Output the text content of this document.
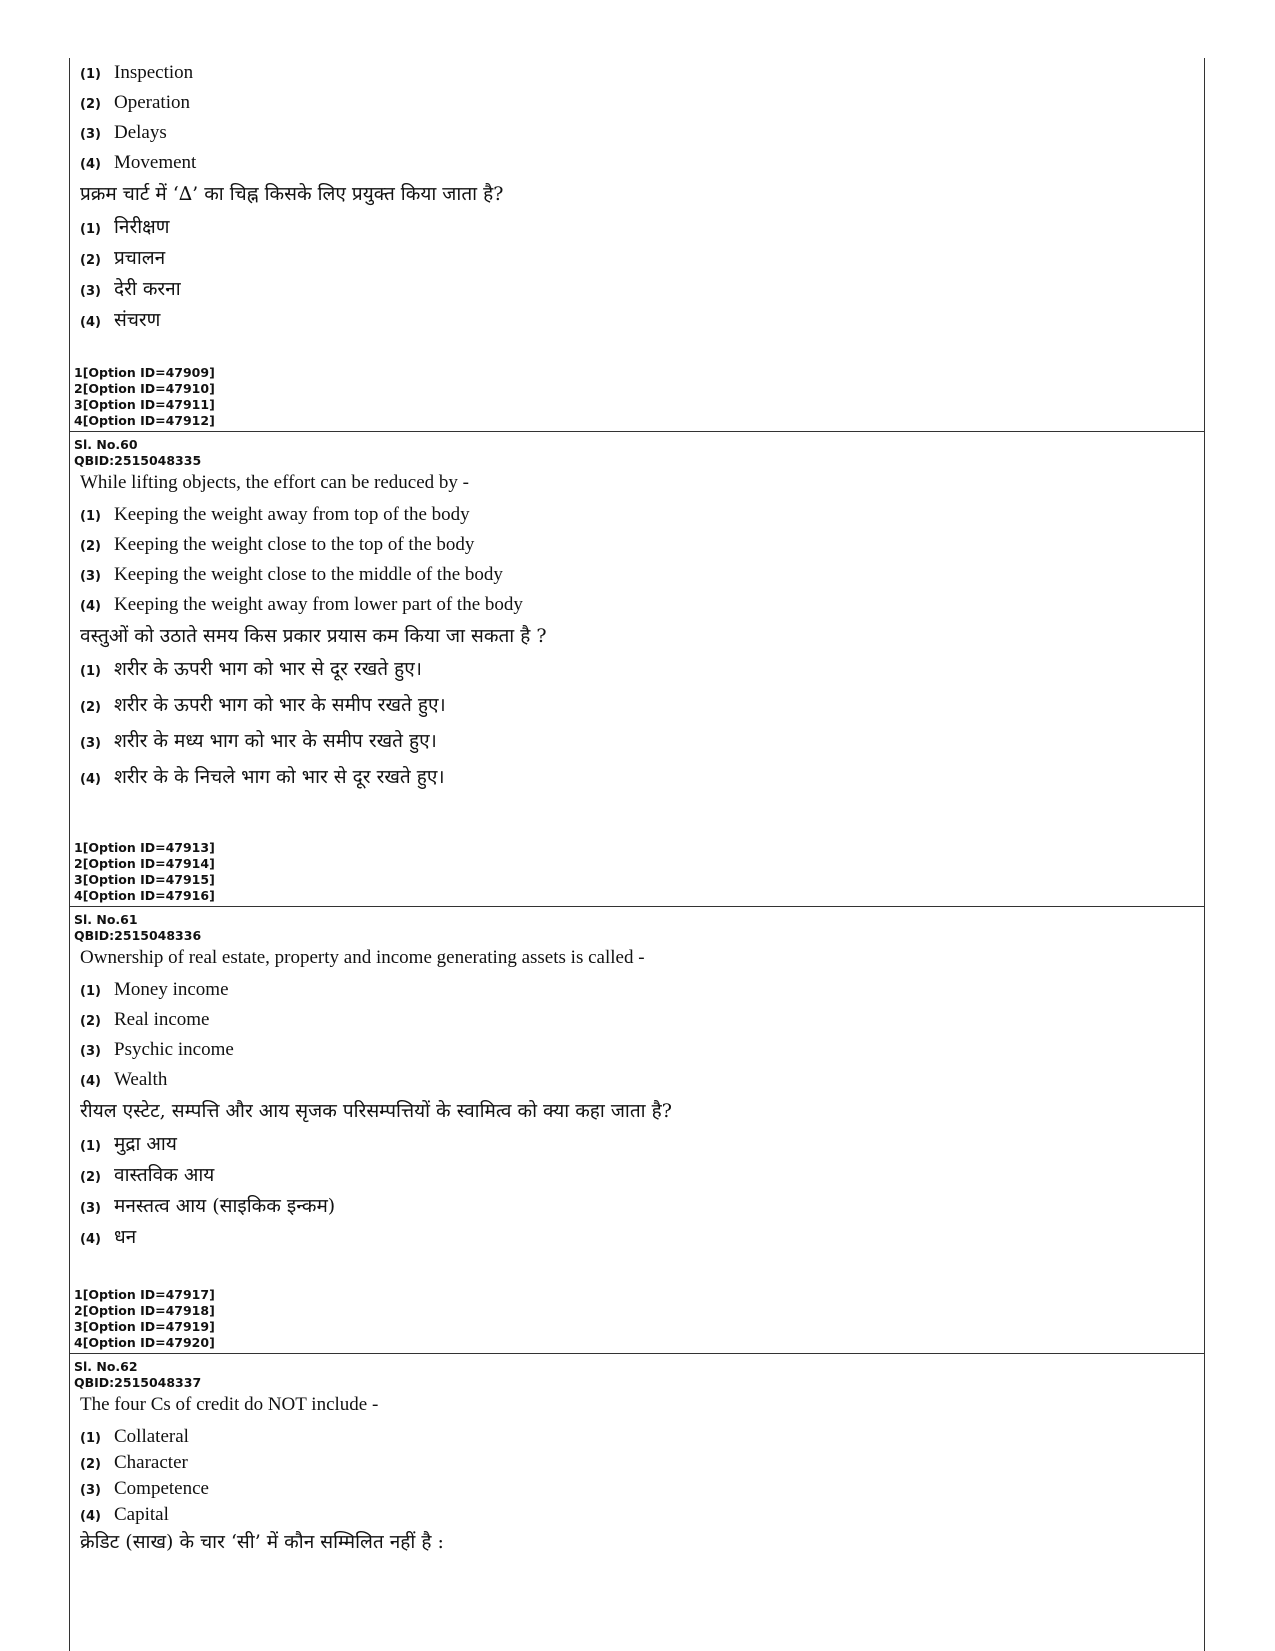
(1) Inspection
(2) Operation
(3) Delays
(4) Movement
प्रक्रम चार्ट में ‘∆’ का चिह्न किसके लिए प्रयुक्त किया जाता है?
(1) निरीक्षण
(2) प्रचालन
(3) देरी करना
(4) संचरण
1[Option ID=47909]
2[Option ID=47910]
3[Option ID=47911]
4[Option ID=47912]
Sl. No.60
QBID:2515048335
While lifting objects, the effort can be reduced by -
(1) Keeping the weight away from top of the body
(2) Keeping the weight close to the top of the body
(3) Keeping the weight close to the middle of the body
(4) Keeping the weight away from lower part of the body
वस्तुओं को उठाते समय किस प्रकार प्रयास कम किया जा सकता है ?
(1) शरीर के ऊपरी भाग को भार से दूर रखते हुए।
(2) शरीर के ऊपरी भाग को भार के समीप रखते हुए।
(3) शरीर के मध्य भाग को भार के समीप रखते हुए।
(4) शरीर के के निचले भाग को भार से दूर रखते हुए।
1[Option ID=47913]
2[Option ID=47914]
3[Option ID=47915]
4[Option ID=47916]
Sl. No.61
QBID:2515048336
Ownership of real estate, property and income generating assets is called -
(1) Money income
(2) Real income
(3) Psychic income
(4) Wealth
रीयल एस्टेट, सम्पत्ति और आय सृजक परिसम्पत्तियों के स्वामित्व को क्या कहा जाता है?
(1) मुद्रा आय
(2) वास्तविक आय
(3) मनस्तत्व आय (साइकिक इन्कम)
(4) धन
1[Option ID=47917]
2[Option ID=47918]
3[Option ID=47919]
4[Option ID=47920]
Sl. No.62
QBID:2515048337
The four Cs of credit do NOT include -
(1) Collateral
(2) Character
(3) Competence
(4) Capital
क्रेडिट (साख) के चार ‘सी’ में कौन सम्मिलित नहीं है :
